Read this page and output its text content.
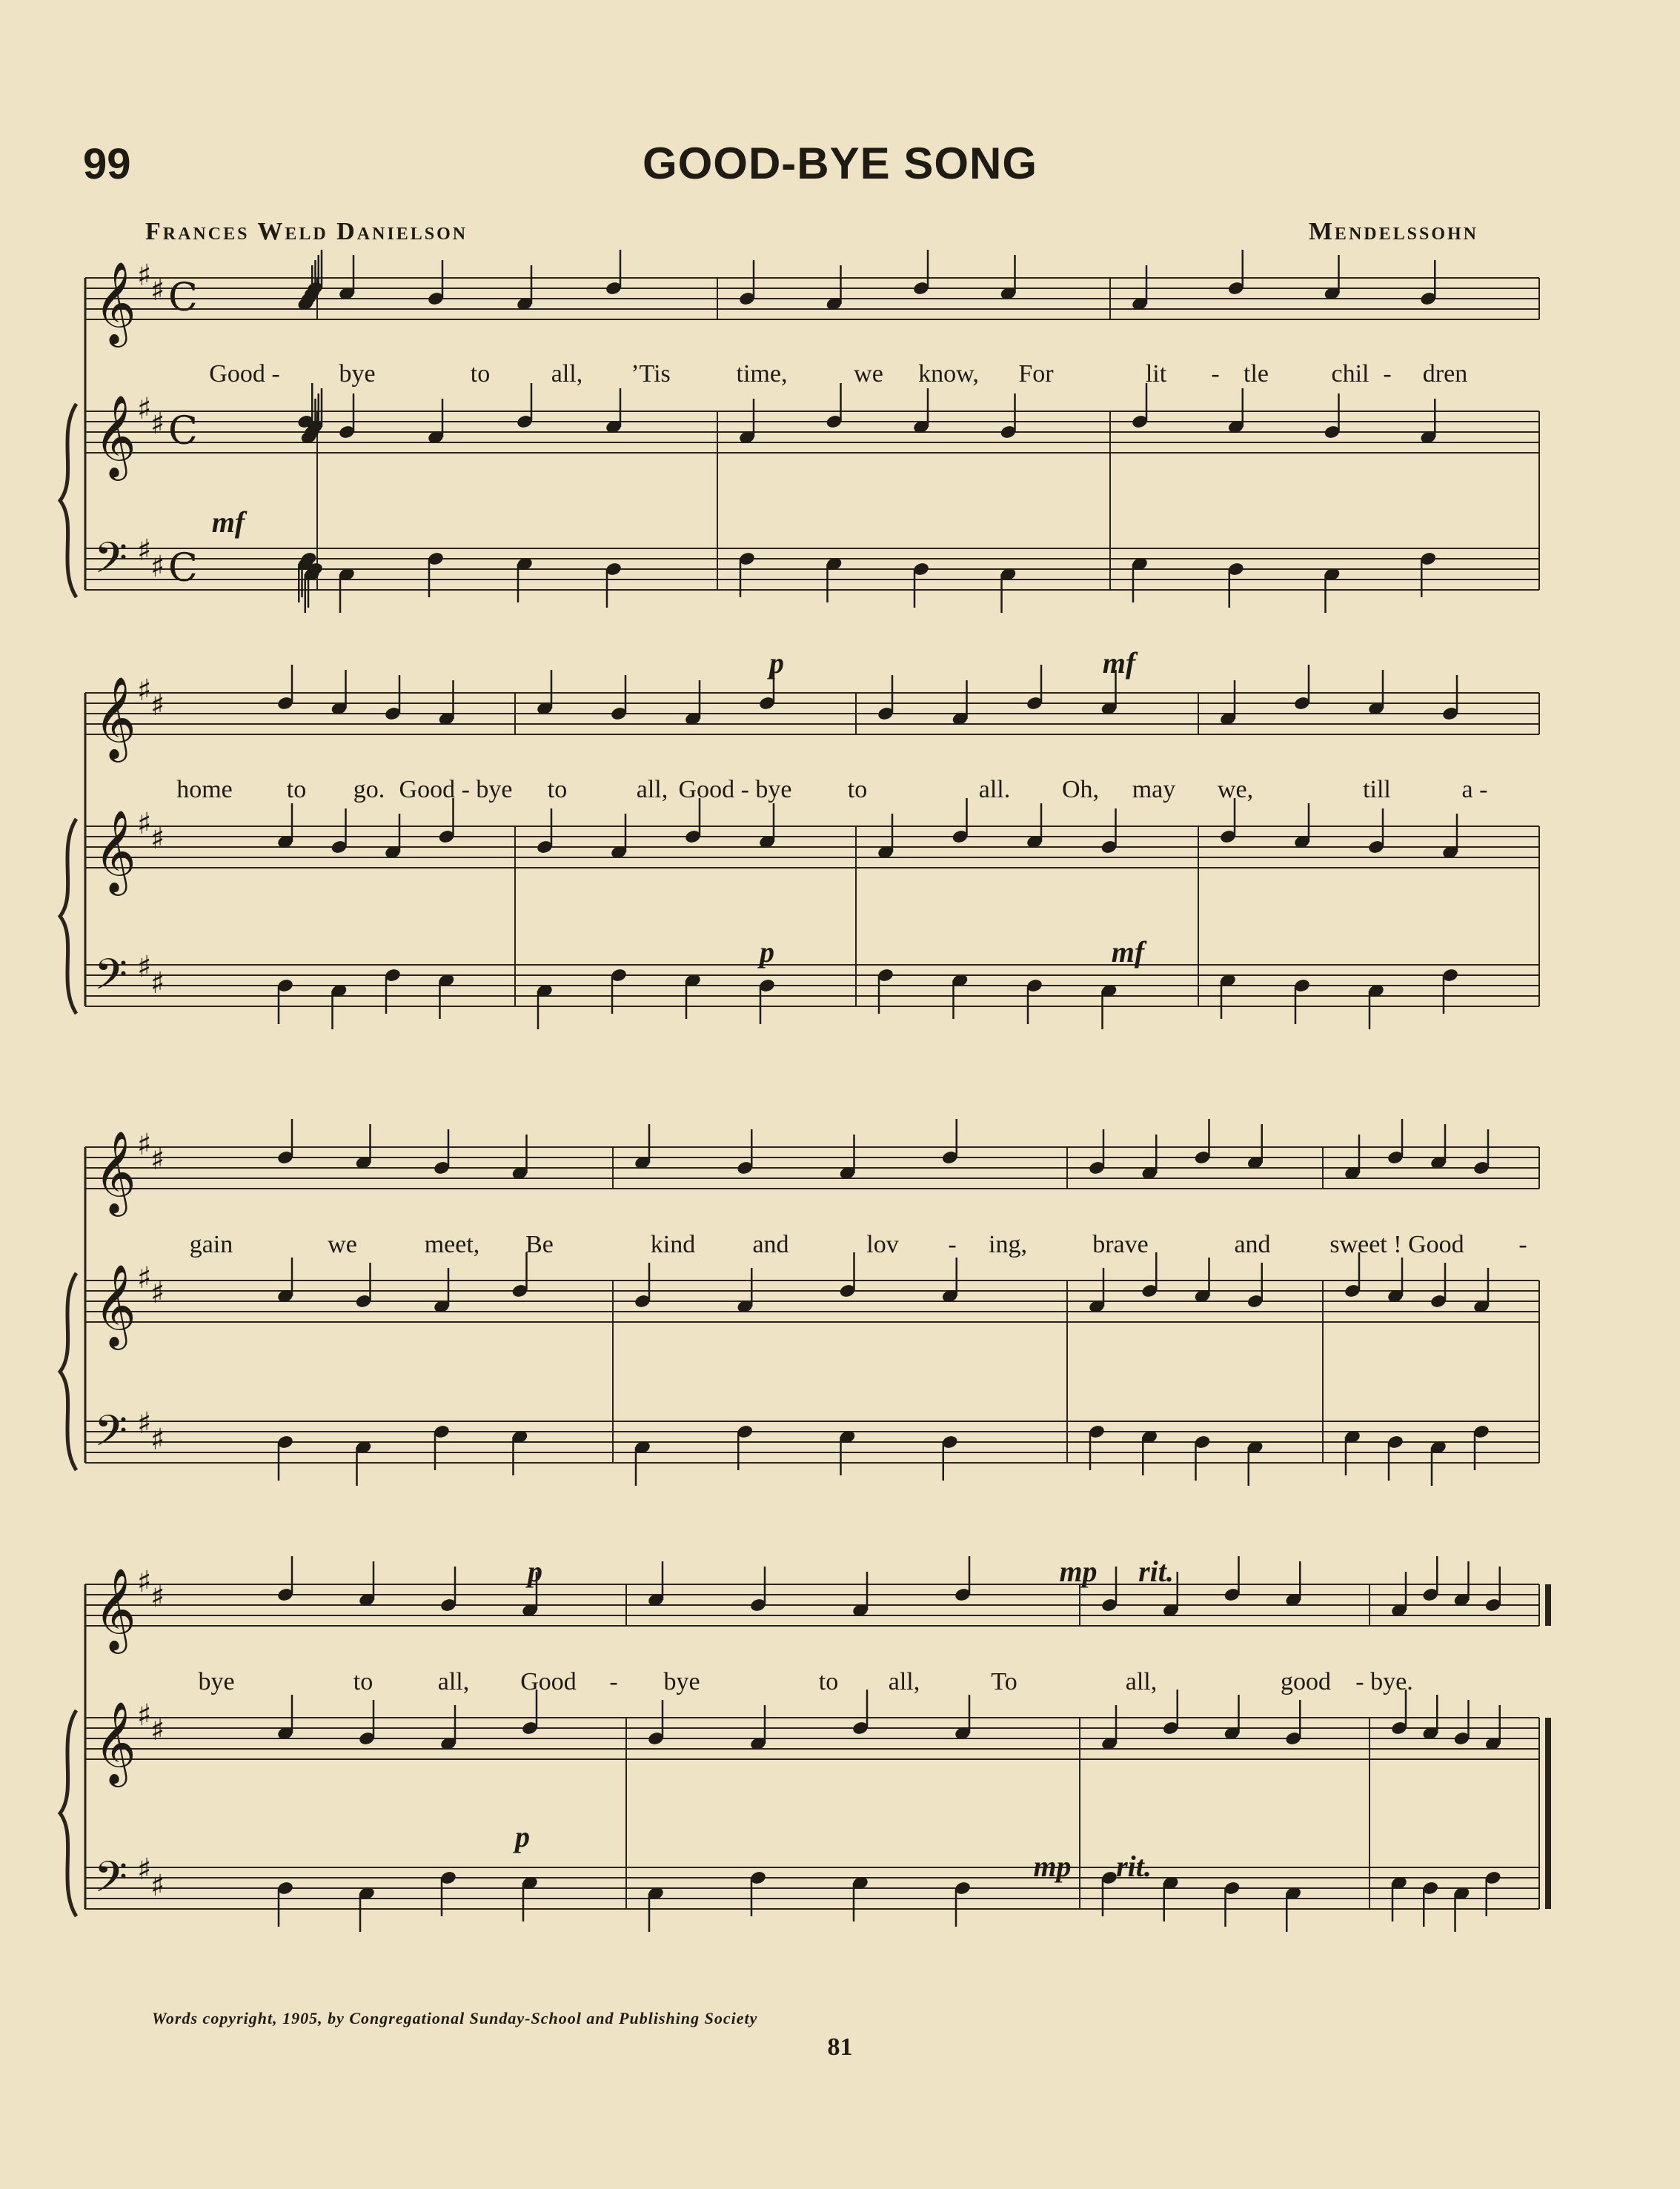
99	GOOD-BYE SONG
Frances Weld Danielson	Mendelssohn
𝄞 ♯
♯ C
𝄞 ♯
♯ C
𝄢 ♯
♯ C
Good - bye	to all, ’Tis	time,	we know, For	lit - tle chil - dren
mf
𝄞 ♯
♯
𝄞 ♯
♯
𝄢 ♯
♯
home to go. Good - bye to	all, Good - bye to	all. Oh, may we,	till	a -
p	mf
p	mf
𝄞 ♯
♯
𝄞 ♯
♯
𝄢 ♯
♯
gain	we	meet, Be	kind and	lov - ing,	brave	and sweet ! Good -
𝄞 ♯
♯
𝄞 ♯
♯
𝄢 ♯
♯
bye	to	all, Good - bye	to all,	To	all,	good - bye.
p	mp rit.
p
mp rit.
Words copyright, 1905, by Congregational Sunday-School and Publishing Society
81
